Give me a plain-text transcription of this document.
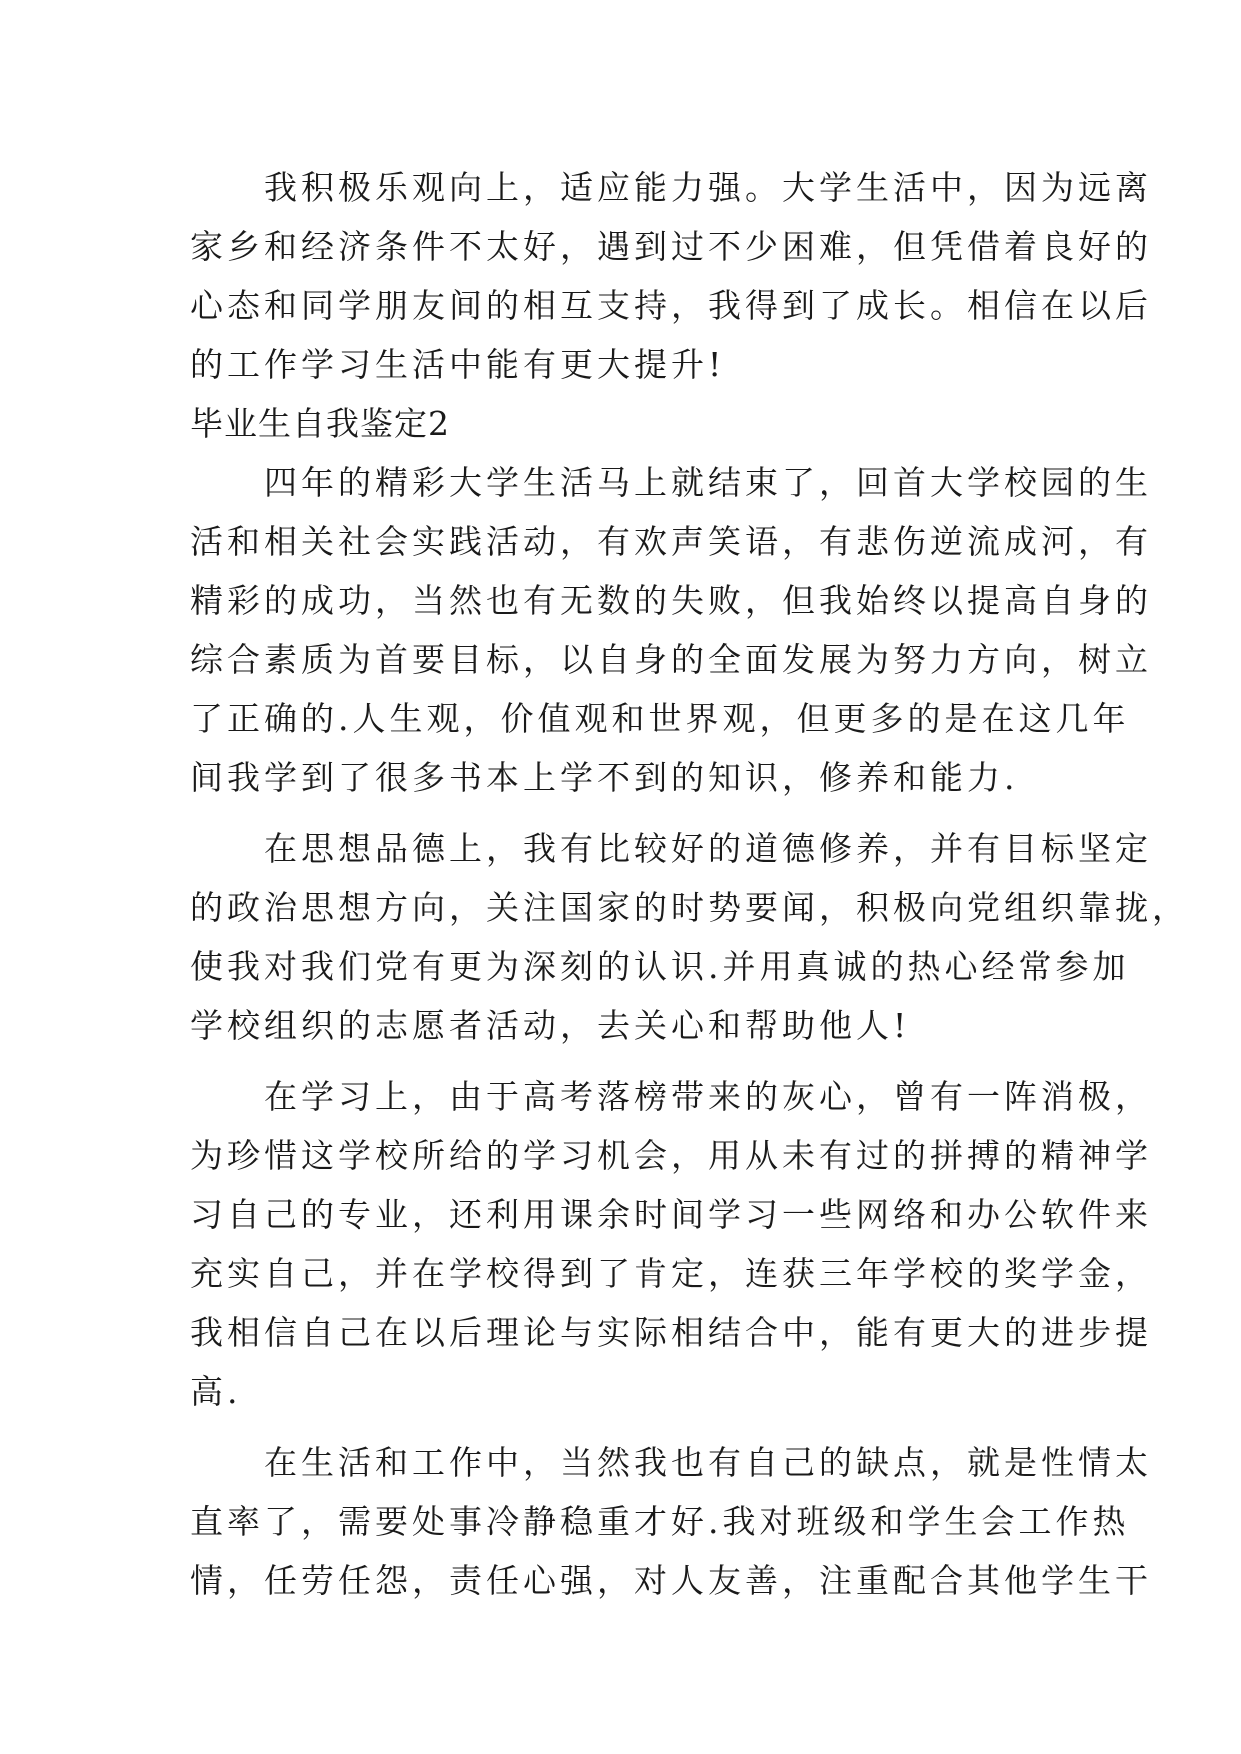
　　我积极乐观向上，适应能力强。大学生活中，因为远离
家乡和经济条件不太好，遇到过不少困难，但凭借着良好的
心态和同学朋友间的相互支持，我得到了成长。相信在以后
的工作学习生活中能有更大提升!
毕业生自我鉴定2
　　四年的精彩大学生活马上就结束了，回首大学校园的生
活和相关社会实践活动，有欢声笑语，有悲伤逆流成河，有
精彩的成功，当然也有无数的失败，但我始终以提高自身的
综合素质为首要目标，以自身的全面发展为努力方向，树立
了正确的.人生观，价值观和世界观，但更多的是在这几年
间我学到了很多书本上学不到的知识，修养和能力.
　　在思想品德上，我有比较好的道德修养，并有目标坚定
的政治思想方向，关注国家的时势要闻，积极向党组织靠拢，
使我对我们党有更为深刻的认识.并用真诚的热心经常参加
学校组织的志愿者活动，去关心和帮助他人!
　　在学习上，由于高考落榜带来的灰心，曾有一阵消极，
为珍惜这学校所给的学习机会，用从未有过的拼搏的精神学
习自己的专业，还利用课余时间学习一些网络和办公软件来
充实自己，并在学校得到了肯定，连获三年学校的奖学金，
我相信自己在以后理论与实际相结合中，能有更大的进步提
高.
　　在生活和工作中，当然我也有自己的缺点，就是性情太
直率了，需要处事冷静稳重才好.我对班级和学生会工作热
情，任劳任怨，责任心强，对人友善，注重配合其他学生干
